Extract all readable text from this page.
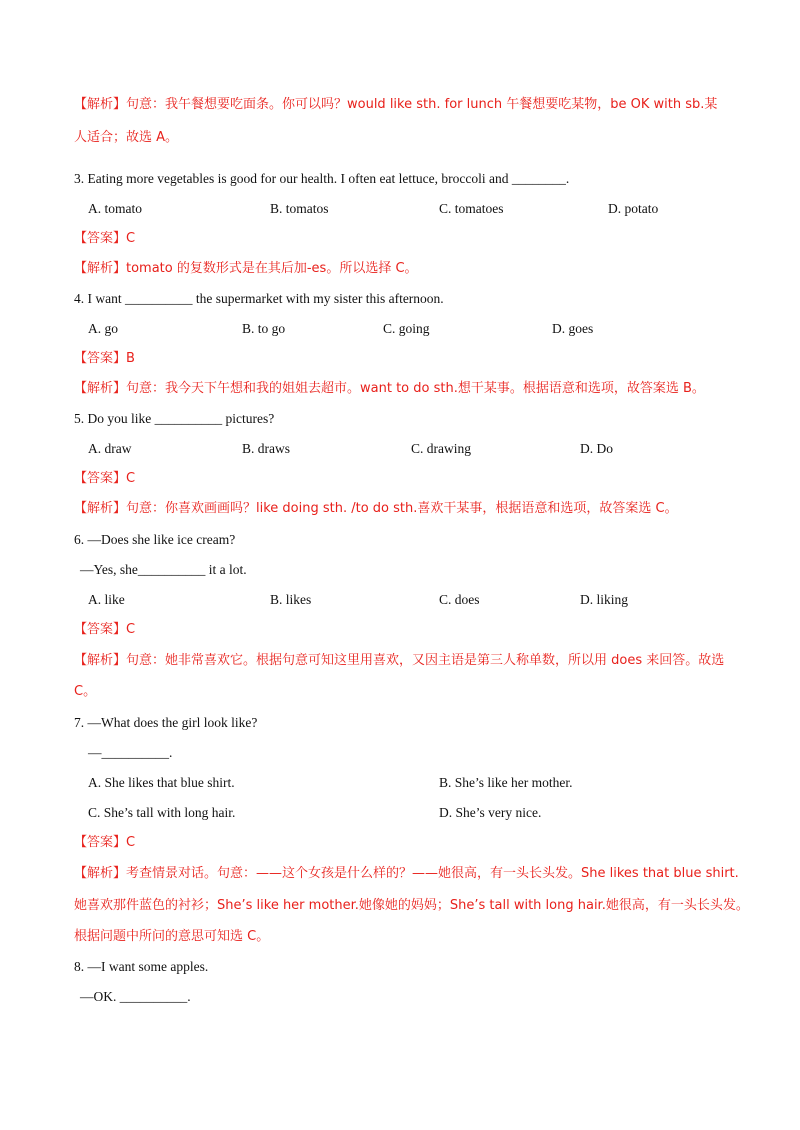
【解析】句意：我午餐想要吃面条。你可以吗？would like sth. for lunch 午餐想要吃某物，be OK with sb.某
人适合；故选 A。
3. Eating more vegetables is good for our health. I often eat lettuce, broccoli and ________.
A. tomato	B. tomatos	C. tomatoes	D. potato
【答案】C
【解析】tomato 的复数形式是在其后加-es。所以选择 C。
4. I want __________ the supermarket with my sister this afternoon.
A. go	B. to go	C. going	D. goes
【答案】B
【解析】句意：我今天下午想和我的姐姐去超市。want to do sth.想干某事。根据语意和选项，故答案选 B。
5. Do you like __________ pictures?
A. draw	B. draws	C. drawing	D. Do
【答案】C
【解析】句意：你喜欢画画吗？like doing sth. /to do sth.喜欢干某事，根据语意和选项，故答案选 C。
6. —Does she like ice cream?
—Yes, she__________ it a lot.
A. like	B. likes	C. does	D. liking
【答案】C
【解析】句意：她非常喜欢它。根据句意可知这里用喜欢，又因主语是第三人称单数，所以用 does 来回答。故选
C。
7. —What does the girl look like?
—__________.
A. She likes that blue shirt.	B. She’s like her mother.
C. She’s tall with long hair.	D. She’s very nice.
【答案】C
【解析】考查情景对话。句意：——这个女孩是什么样的？——她很高，有一头长头发。She likes that blue shirt.
她喜欢那件蓝色的衬衫；She’s like her mother.她像她的妈妈；She’s tall with long hair.她很高，有一头长头发。
根据问题中所问的意思可知选 C。
8. —I want some apples.
—OK. __________.
